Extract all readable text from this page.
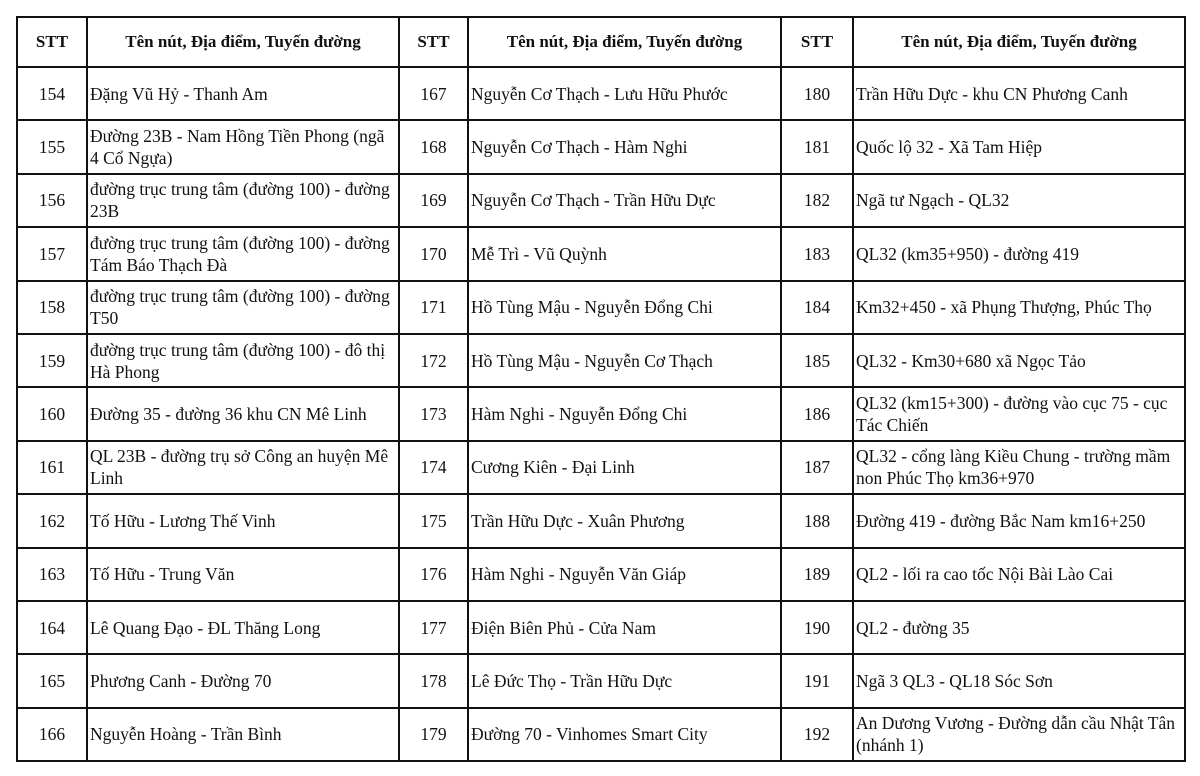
STT	Tên nút, Địa điểm, Tuyến đường	STT	Tên nút, Địa điểm, Tuyến đường	STT	Tên nút, Địa điểm, Tuyến đường
154	Đặng Vũ Hỷ - Thanh Am	167	Nguyễn Cơ Thạch - Lưu Hữu Phước	180	Trần Hữu Dực - khu CN Phương Canh
155	Đường 23B - Nam Hồng Tiền Phong (ngã 4 Cổ Ngựa)	168	Nguyễn Cơ Thạch - Hàm Nghi	181	Quốc lộ 32 - Xã Tam Hiệp
156	đường trục trung tâm (đường 100) - đường 23B	169	Nguyễn Cơ Thạch - Trần Hữu Dực	182	Ngã tư Ngạch - QL32
157	đường trục trung tâm (đường 100) - đường Tám Báo Thạch Đà	170	Mễ Trì - Vũ Quỳnh	183	QL32 (km35+950) - đường 419
158	đường trục trung tâm (đường 100) - đường T50	171	Hồ Tùng Mậu - Nguyễn Đổng Chi	184	Km32+450 - xã Phụng Thượng, Phúc Thọ
159	đường trục trung tâm (đường 100) - đô thị Hà Phong	172	Hồ Tùng Mậu - Nguyễn Cơ Thạch	185	QL32 - Km30+680 xã Ngọc Tảo
160	Đường 35 - đường 36 khu CN Mê Linh	173	Hàm Nghi - Nguyễn Đổng Chi	186	QL32 (km15+300) - đường vào cục 75 - cục Tác Chiến
161	QL 23B - đường trụ sở Công an huyện Mê Linh	174	Cương Kiên - Đại Linh	187	QL32 - cổng làng Kiều Chung - trường mầm non Phúc Thọ km36+970
162	Tố Hữu - Lương Thế Vinh	175	Trần Hữu Dực - Xuân Phương	188	Đường 419 - đường Bắc Nam km16+250
163	Tố Hữu - Trung Văn	176	Hàm Nghi - Nguyễn Văn Giáp	189	QL2 - lối ra cao tốc Nội Bài Lào Cai
164	Lê Quang Đạo - ĐL Thăng Long	177	Điện Biên Phủ - Cửa Nam	190	QL2 - đường 35
165	Phương Canh - Đường 70	178	Lê Đức Thọ - Trần Hữu Dực	191	Ngã 3 QL3 - QL18 Sóc Sơn
166	Nguyễn Hoàng - Trần Bình	179	Đường 70 - Vinhomes Smart City	192	An Dương Vương - Đường dẫn cầu Nhật Tân (nhánh 1)
